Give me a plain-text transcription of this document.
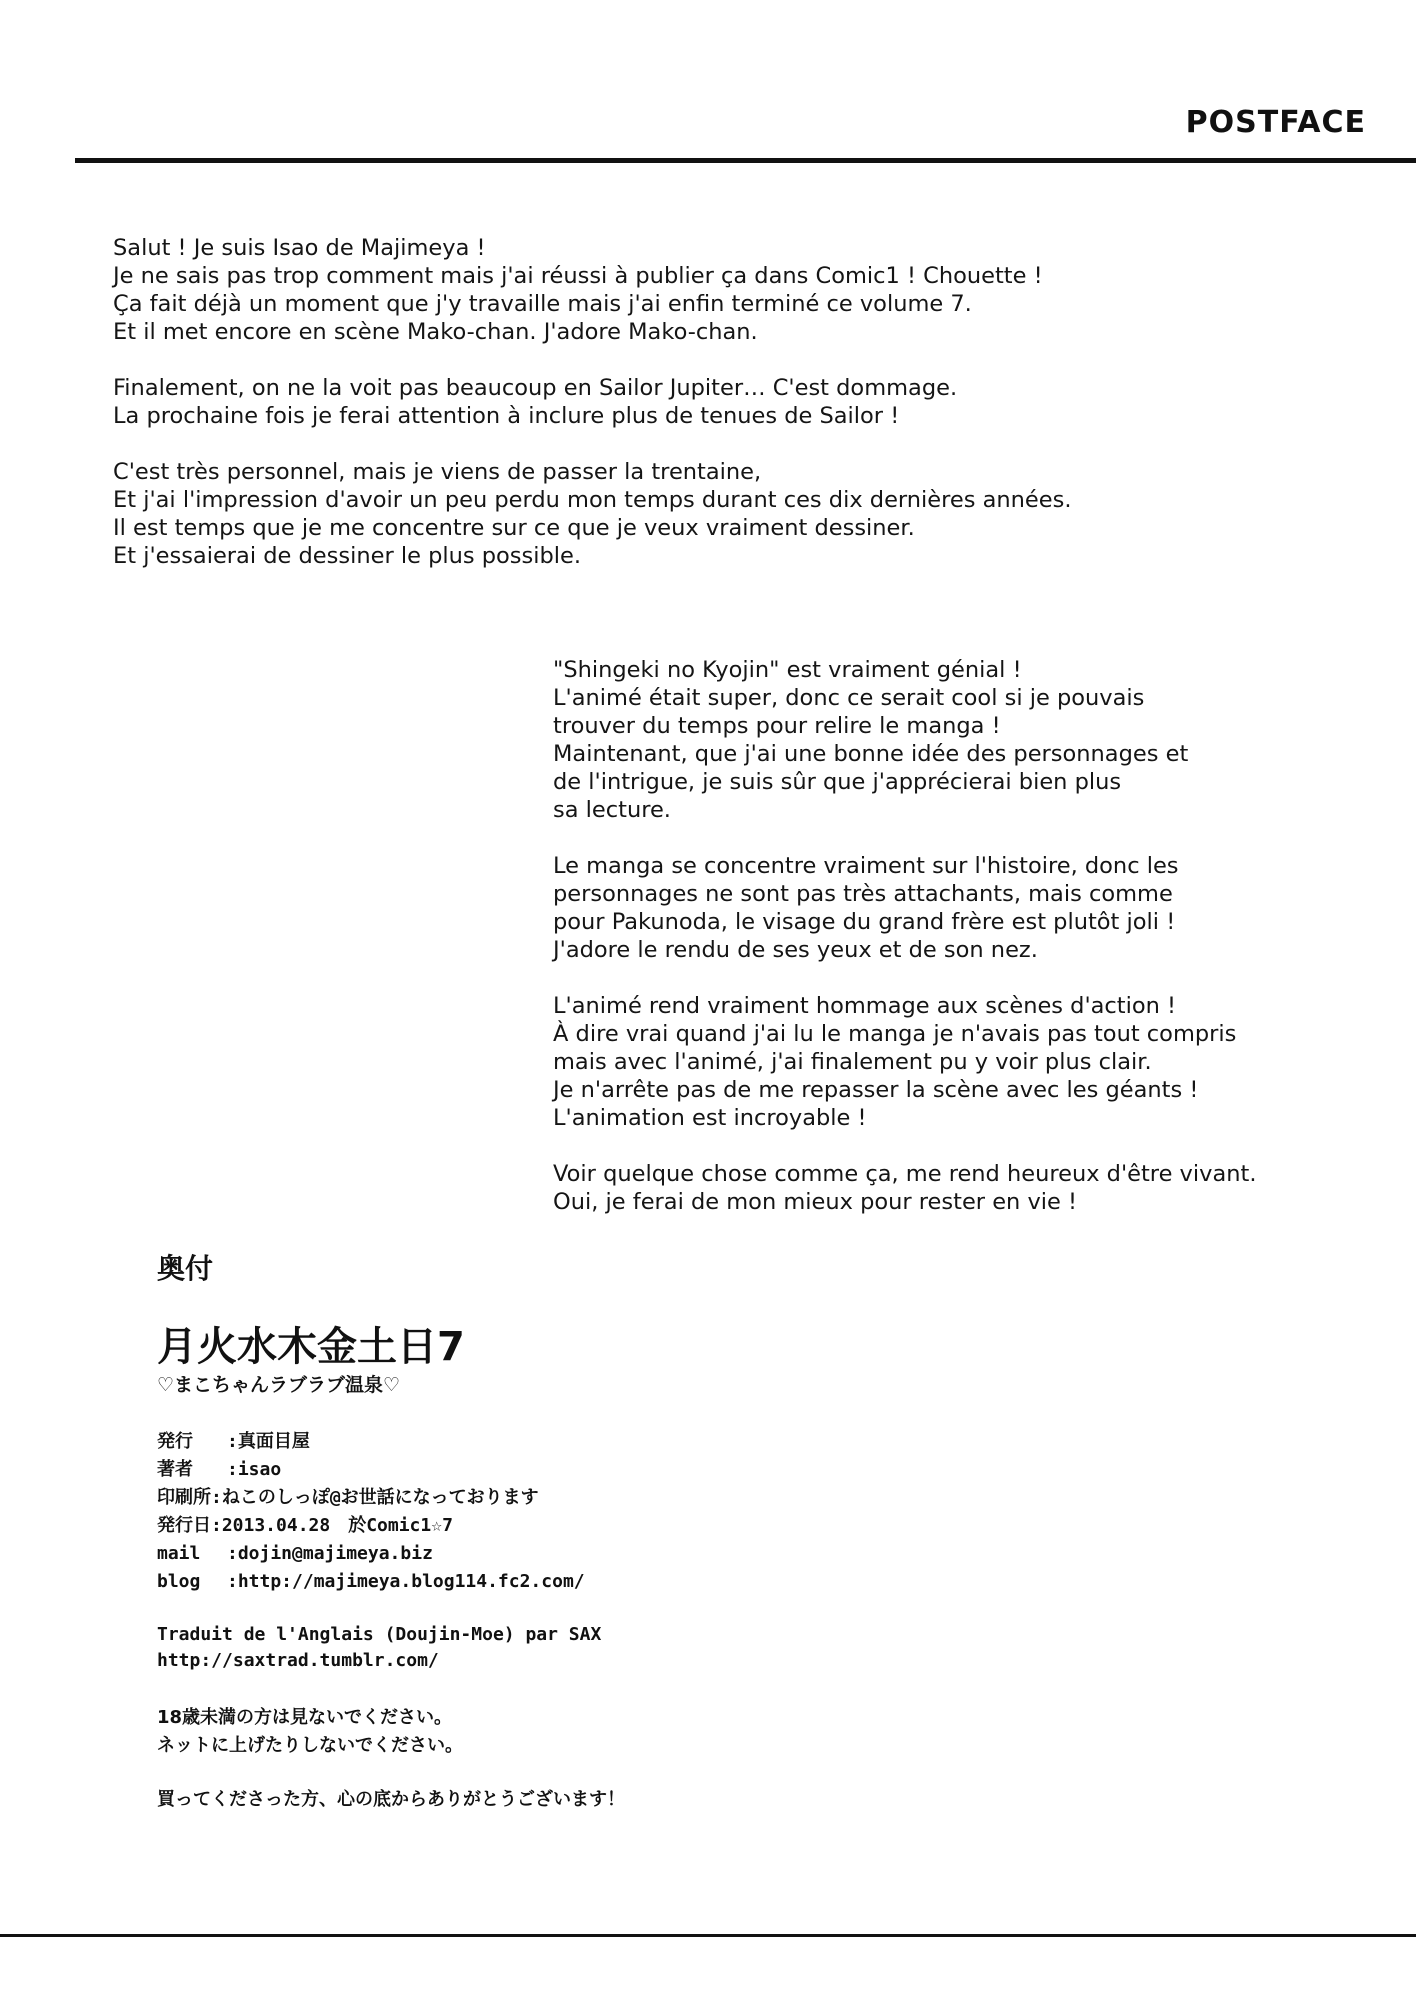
POSTFACE

Salut ! Je suis Isao de Majimeya !
Je ne sais pas trop comment mais j'ai réussi à publier ça dans Comic1 ! Chouette !
Ça fait déjà un moment que j'y travaille mais j'ai enfin terminé ce volume 7.
Et il met encore en scène Mako-chan. J'adore Mako-chan.

Finalement, on ne la voit pas beaucoup en Sailor Jupiter… C'est dommage.
La prochaine fois je ferai attention à inclure plus de tenues de Sailor !

C'est très personnel, mais je viens de passer la trentaine,
Et j'ai l'impression d'avoir un peu perdu mon temps durant ces dix dernières années.
Il est temps que je me concentre sur ce que je veux vraiment dessiner.
Et j'essaierai de dessiner le plus possible.

"Shingeki no Kyojin" est vraiment génial !
L'animé était super, donc ce serait cool si je pouvais
trouver du temps pour relire le manga !
Maintenant, que j'ai une bonne idée des personnages et
de l'intrigue, je suis sûr que j'apprécierai bien plus
sa lecture.

Le manga se concentre vraiment sur l'histoire, donc les
personnages ne sont pas très attachants, mais comme
pour Pakunoda, le visage du grand frère est plutôt joli !
J'adore le rendu de ses yeux et de son nez.

L'animé rend vraiment hommage aux scènes d'action !
À dire vrai quand j'ai lu le manga je n'avais pas tout compris
mais avec l'animé, j'ai finalement pu y voir plus clair.
Je n'arrête pas de me repasser la scène avec les géants !
L'animation est incroyable !

Voir quelque chose comme ça, me rend heureux d'être vivant.
Oui, je ferai de mon mieux pour rester en vie !

奥付
月火水木金土日7
♡まこちゃんラブラブ温泉♡
発行	:真面目屋
著者	:isao
印刷所 :ねこのしっぽ@お世話になっております
発行日 :2013.04.28　於Comic1☆7
mail	:dojin@majimeya.biz
blog	:http://majimeya.blog114.fc2.com/
Traduit de l'Anglais (Doujin-Moe) par SAX
http://saxtrad.tumblr.com/
18歳未満の方は見ないでください。
ネットに上げたりしないでください。
買ってくださった方、心の底からありがとうございます！
